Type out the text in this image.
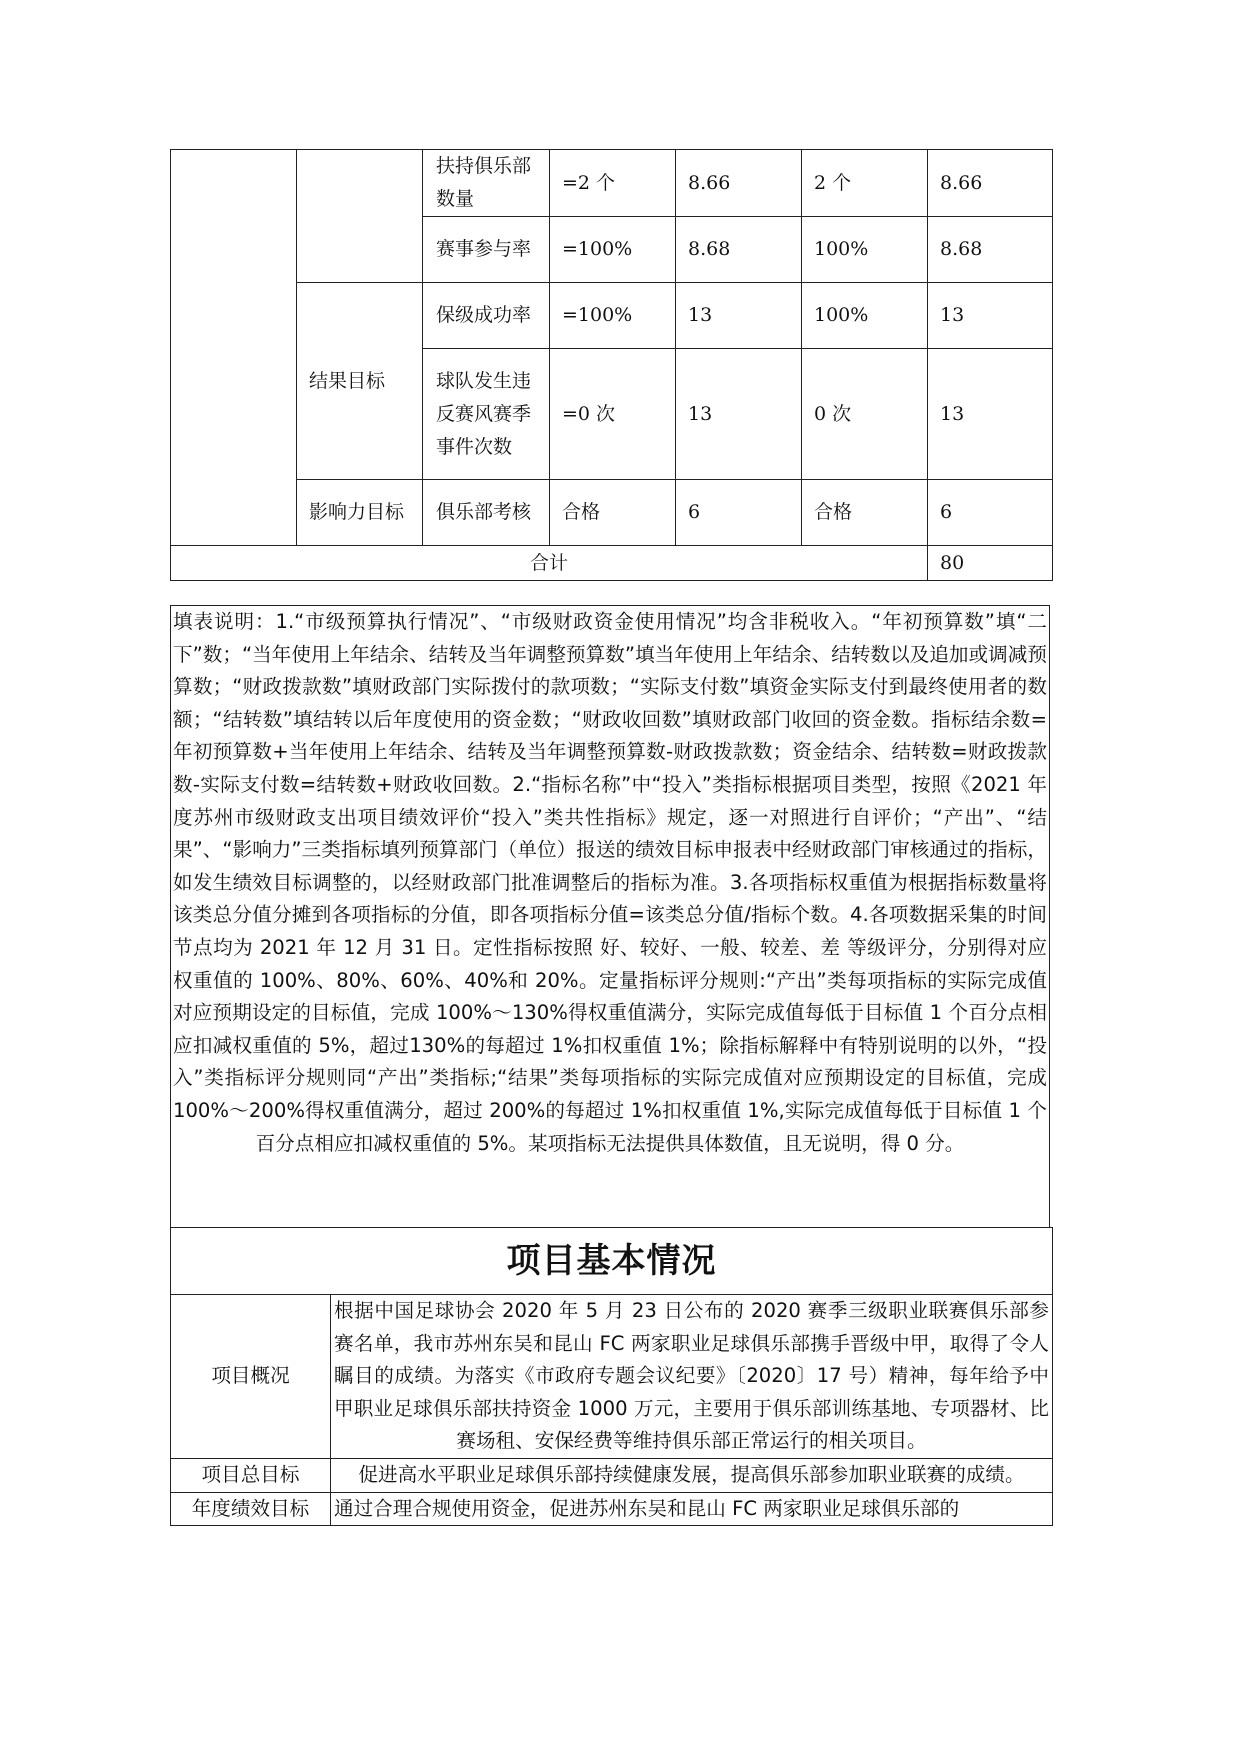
		扶持俱乐部数量	=2 个	8.66	2 个	8.66
		赛事参与率	=100%	8.68	100%	8.68
	结果目标	保级成功率	=100%	13	100%	13
		球队发生违反赛风赛季事件次数	=0 次	13	0 次	13
	影响力目标	俱乐部考核	合格	6	合格	6
合计						80
填表说明：1.“市级预算执行情况”、“市级财政资金使用情况”均含非税收入。“年初预算数”填“二下”数；“当年使用上年结余、结转及当年调整预算数”填当年使用上年结余、结转数以及追加或调减预算数；“财政拨款数”填财政部门实际拨付的款项数；“实际支付数”填资金实际支付到最终使用者的数额；“结转数”填结转以后年度使用的资金数；“财政收回数”填财政部门收回的资金数。指标结余数=年初预算数+当年使用上年结余、结转及当年调整预算数-财政拨款数；资金结余、结转数=财政拨款数-实际支付数=结转数+财政收回数。2.“指标名称”中“投入”类指标根据项目类型，按照《2021 年度苏州市级财政支出项目绩效评价“投入”类共性指标》规定，逐一对照进行自评价；“产出”、“结果”、“影响力”三类指标填列预算部门（单位）报送的绩效目标申报表中经财政部门审核通过的指标，如发生绩效目标调整的，以经财政部门批准调整后的指标为准。3.各项指标权重值为根据指标数量将该类总分值分摊到各项指标的分值，即各项指标分值=该类总分值/指标个数。4.各项数据采集的时间节点均为 2021 年 12 月 31 日。定性指标按照 好、较好、一般、较差、差 等级评分，分别得对应权重值的 100%、80%、60%、40%和 20%。定量指标评分规则:“产出”类每项指标的实际完成值对应预期设定的目标值，完成 100%～130%得权重值满分，实际完成值每低于目标值 1 个百分点相应扣减权重值的 5%，超过130%的每超过 1%扣权重值 1%；除指标解释中有特别说明的以外，“投入”类指标评分规则同“产出”类指标;“结果”类每项指标的实际完成值对应预期设定的目标值，完成 100%～200%得权重值满分，超过 200%的每超过 1%扣权重值 1%,实际完成值每低于目标值 1 个百分点相应扣减权重值的 5%。某项指标无法提供具体数值，且无说明，得 0 分。
项目基本情况	
项目概况	根据中国足球协会 2020 年 5 月 23 日公布的 2020 赛季三级职业联赛俱乐部参赛名单，我市苏州东吴和昆山 FC 两家职业足球俱乐部携手晋级中甲，取得了令人瞩目的成绩。为落实《市政府专题会议纪要》〔2020〕17 号）精神，每年给予中甲职业足球俱乐部扶持资金 1000 万元，主要用于俱乐部训练基地、专项器材、比赛场租、安保经费等维持俱乐部正常运行的相关项目。
项目总目标	促进高水平职业足球俱乐部持续健康发展，提高俱乐部参加职业联赛的成绩。
年度绩效目标	通过合理合规使用资金，促进苏州东吴和昆山 FC 两家职业足球俱乐部的
